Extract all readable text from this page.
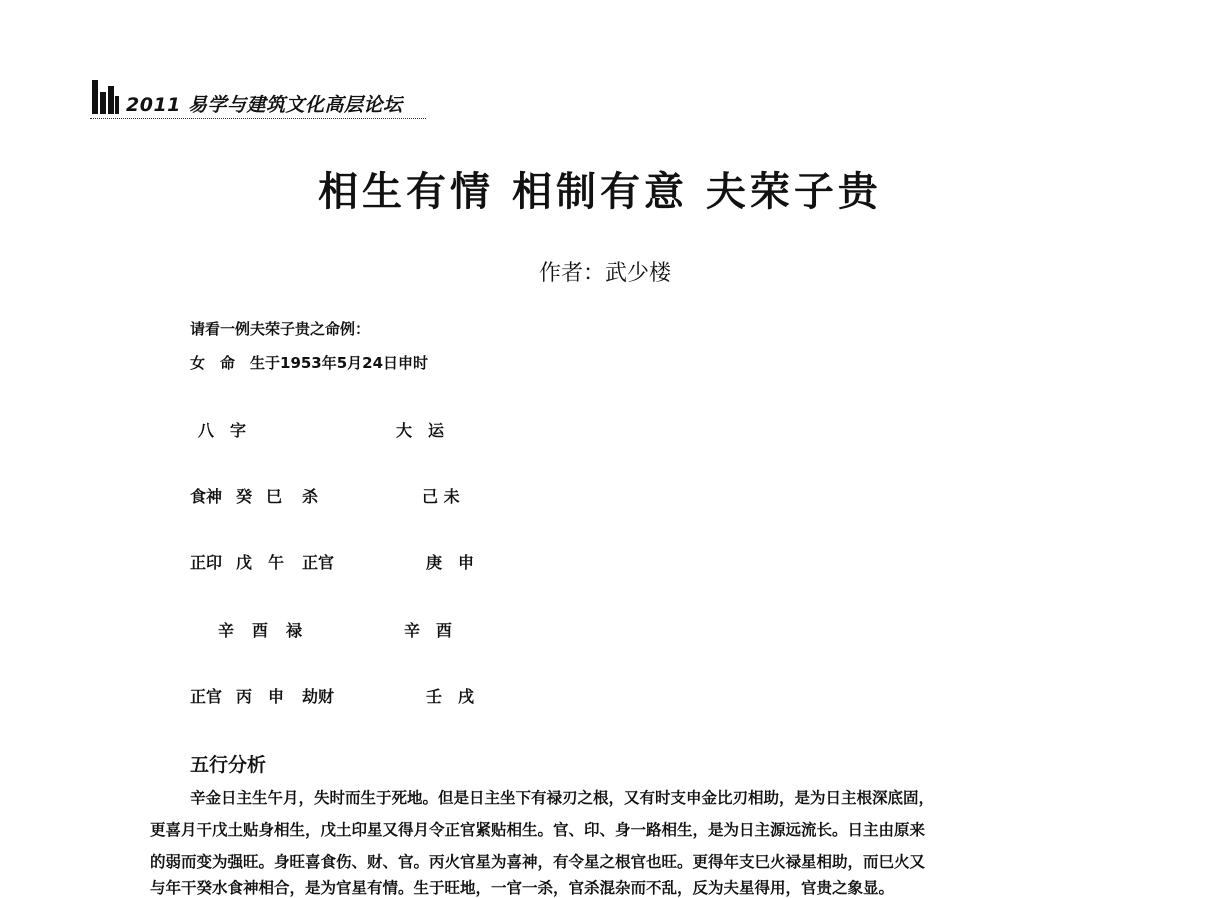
2011 易学与建筑文化高层论坛
相生有情 相制有意 夫荣子贵
作者：武少楼
请看一例夫荣子贵之命例：
女　命　生于1953年5月24日申时
八　字	大　运
食神 癸 巳 杀	己 未
正印 戊 午 正官	庚　申
辛 酉 禄	辛　酉
正官 丙 申 劫财	壬　戌
五行分析
辛金日主生午月，失时而生于死地。但是日主坐下有禄刃之根，又有时支申金比刃相助，是为日主根深底固，
更喜月干戊土贴身相生，戊土印星又得月令正官紧贴相生。官、印、身一路相生，是为日主源远流长。日主由原来
的弱而变为强旺。身旺喜食伤、财、官。丙火官星为喜神，有令星之根官也旺。更得年支巳火禄星相助，而巳火又
与年干癸水食神相合，是为官星有情。生于旺地，一官一杀，官杀混杂而不乱，反为夫星得用，官贵之象显。
